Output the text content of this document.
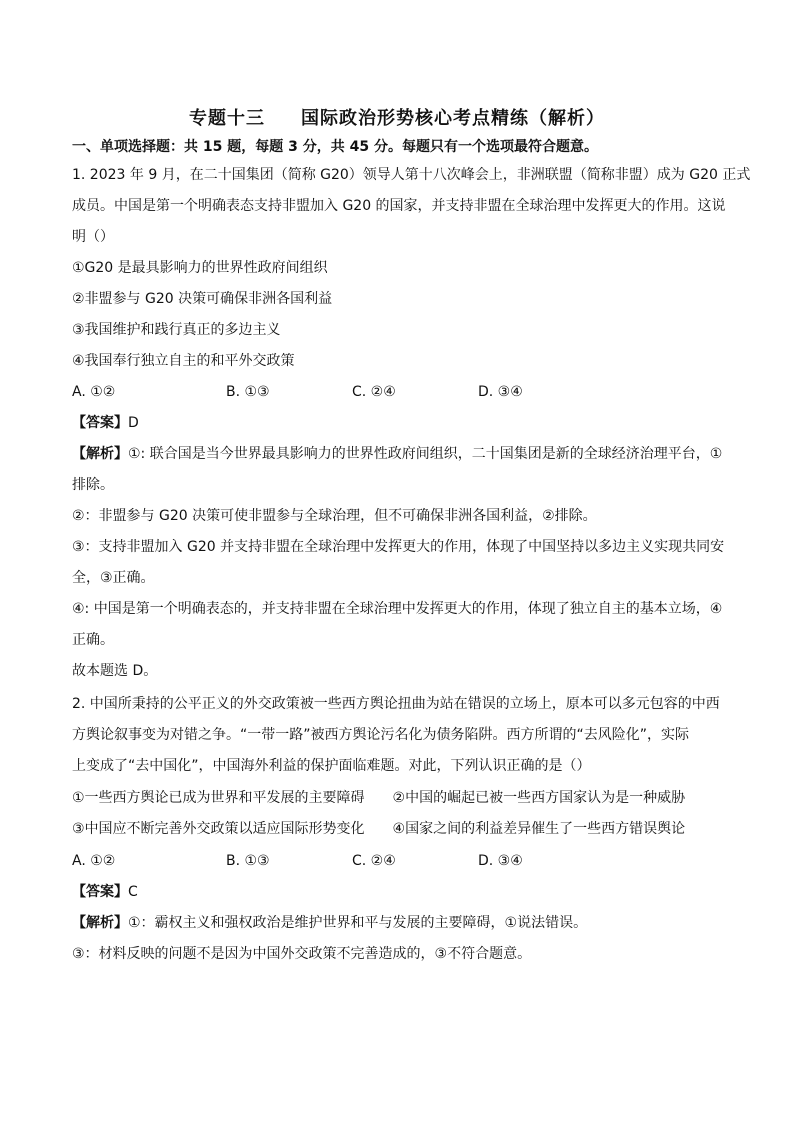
专题十三 国际政治形势核心考点精练（解析）
一、单项选择题：共 15 题，每题 3 分，共 45 分。每题只有一个选项最符合题意。
1. 2023 年 9 月，在二十国集团（简称 G20）领导人第十八次峰会上，非洲联盟（简称非盟）成为 G20 正式
成员。中国是第一个明确表态支持非盟加入 G20 的国家，并支持非盟在全球治理中发挥更大的作用。这说
明（）
①G20 是最具影响力的世界性政府间组织
②非盟参与 G20 决策可确保非洲各国利益
③我国维护和践行真正的多边主义
④我国奉行独立自主的和平外交政策
A. ①②	B. ①③	C. ②④	D. ③④
【答案】D
【解析】①: 联合国是当今世界最具影响力的世界性政府间组织，二十国集团是新的全球经济治理平台，①
排除。
②：非盟参与 G20 决策可使非盟参与全球治理，但不可确保非洲各国利益，②排除。
③：支持非盟加入 G20 并支持非盟在全球治理中发挥更大的作用，体现了中国坚持以多边主义实现共同安
全，③正确。
④: 中国是第一个明确表态的，并支持非盟在全球治理中发挥更大的作用，体现了独立自主的基本立场，④
正确。
故本题选 D。
2. 中国所秉持的公平正义的外交政策被一些西方舆论扭曲为站在错误的立场上，原本可以多元包容的中西
方舆论叙事变为对错之争。“一带一路”被西方舆论污名化为债务陷阱。西方所谓的“去风险化”，实际
上变成了“去中国化”，中国海外利益的保护面临难题。对此，下列认识正确的是（）
①一些西方舆论已成为世界和平发展的主要障碍　　②中国的崛起已被一些西方国家认为是一种威胁
③中国应不断完善外交政策以适应国际形势变化　　④国家之间的利益差异催生了一些西方错误舆论
A. ①②	B. ①③	C. ②④	D. ③④
【答案】C
【解析】①：霸权主义和强权政治是维护世界和平与发展的主要障碍，①说法错误。
③：材料反映的问题不是因为中国外交政策不完善造成的，③不符合题意。
